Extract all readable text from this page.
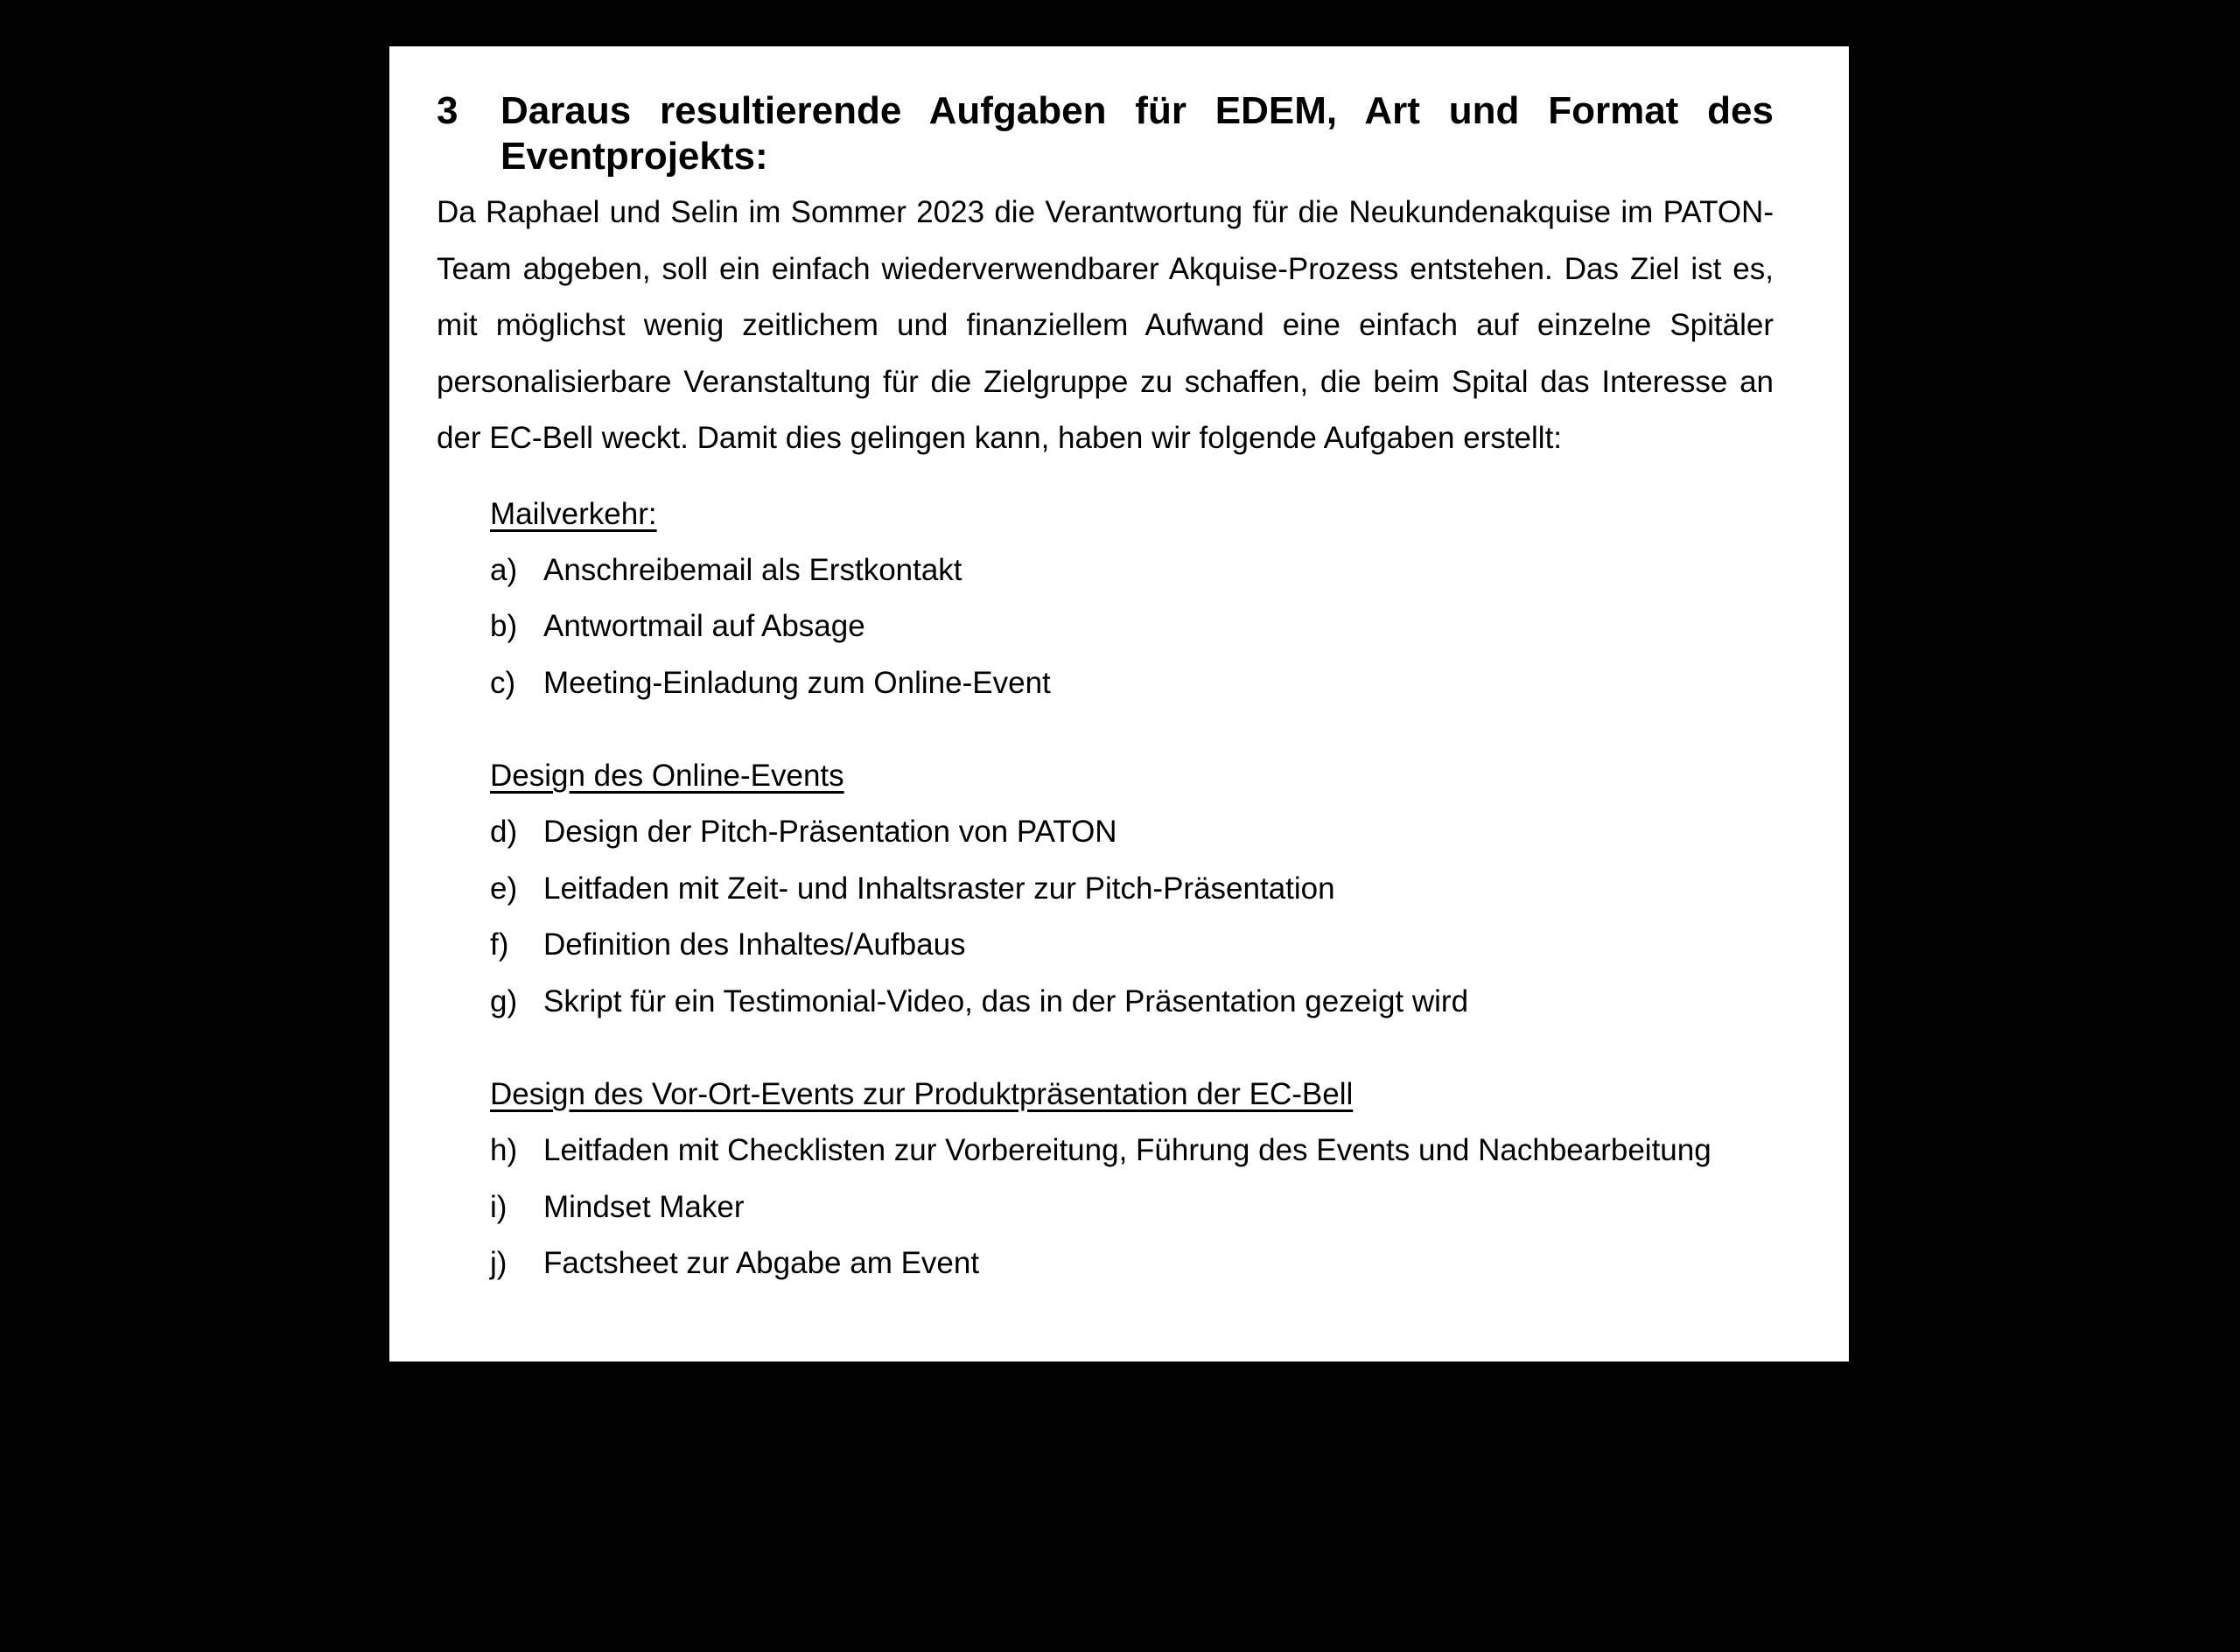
3	Daraus resultierende Aufgaben für EDEM, Art und Format des Eventprojekts:

Da Raphael und Selin im Sommer 2023 die Verantwortung für die Neukundenakquise im PATON-Team abgeben, soll ein einfach wiederverwendbarer Akquise-Prozess entstehen. Das Ziel ist es, mit möglichst wenig zeitlichem und finanziellem Aufwand eine einfach auf einzelne Spitäler personalisierbare Veranstaltung für die Zielgruppe zu schaffen, die beim Spital das Interesse an der EC-Bell weckt. Damit dies gelingen kann, haben wir folgende Aufgaben erstellt:

Mailverkehr:

a) Anschreibemail als Erstkontakt
b) Antwortmail auf Absage
c) Meeting-Einladung zum Online-Event

Design des Online-Events

d) Design der Pitch-Präsentation von PATON
e) Leitfaden mit Zeit- und Inhaltsraster zur Pitch-Präsentation
f)	Definition des Inhaltes/Aufbaus
g) Skript für ein Testimonial-Video, das in der Präsentation gezeigt wird

Design des Vor-Ort-Events zur Produktpräsentation der EC-Bell

h) Leitfaden mit Checklisten zur Vorbereitung, Führung des Events und Nachbearbeitung
i)	Mindset Maker
j)	Factsheet zur Abgabe am Event
